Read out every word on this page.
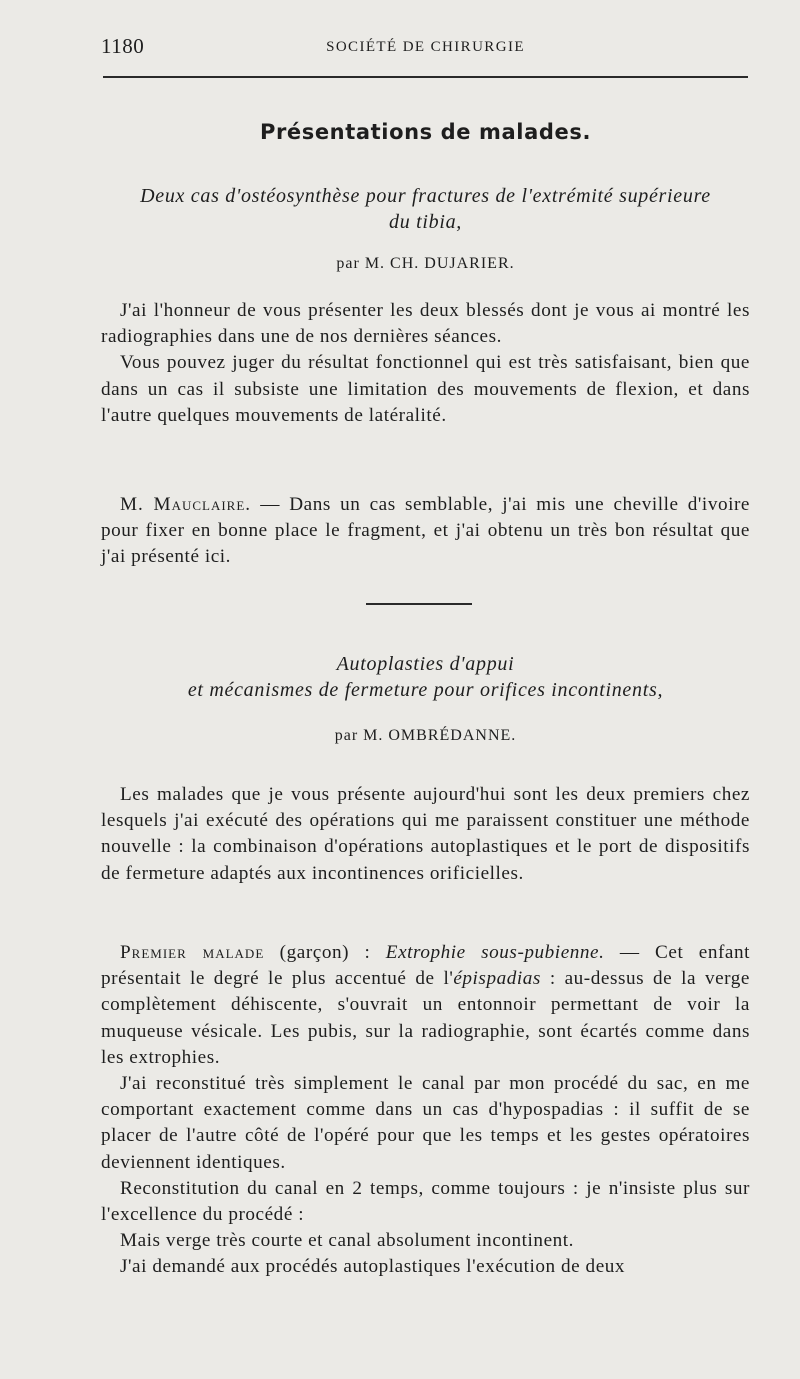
1180	SOCIÉTÉ DE CHIRURGIE
Présentations de malades.
Deux cas d'ostéosynthèse pour fractures de l'extrémité supérieure
du tibia,
par M. CH. DUJARIER.

J'ai l'honneur de vous présenter les deux blessés dont je vous ai montré les radiographies dans une de nos dernières séances.

Vous pouvez juger du résultat fonctionnel qui est très satisfaisant, bien que dans un cas il subsiste une limitation des mouvements de flexion, et dans l'autre quelques mouvements de latéralité.

M. Mauclaire. — Dans un cas semblable, j'ai mis une cheville d'ivoire pour fixer en bonne place le fragment, et j'ai obtenu un très bon résultat que j'ai présenté ici.

Autoplasties d'appui
et mécanismes de fermeture pour orifices incontinents,
par M. OMBRÉDANNE.

Les malades que je vous présente aujourd'hui sont les deux premiers chez lesquels j'ai exécuté des opérations qui me paraissent constituer une méthode nouvelle : la combinaison d'opérations autoplastiques et le port de dispositifs de fermeture adaptés aux incontinences orificielles.

Premier malade (garçon) : Extrophie sous-pubienne. — Cet enfant présentait le degré le plus accentué de l'épispadias : au-dessus de la verge complètement déhiscente, s'ouvrait un entonnoir permettant de voir la muqueuse vésicale. Les pubis, sur la radiographie, sont écartés comme dans les extrophies.

J'ai reconstitué très simplement le canal par mon procédé du sac, en me comportant exactement comme dans un cas d'hypospadias : il suffit de se placer de l'autre côté de l'opéré pour que les temps et les gestes opératoires deviennent identiques.

Reconstitution du canal en 2 temps, comme toujours : je n'insiste plus sur l'excellence du procédé :

Mais verge très courte et canal absolument incontinent.

J'ai demandé aux procédés autoplastiques l'exécution de deux
